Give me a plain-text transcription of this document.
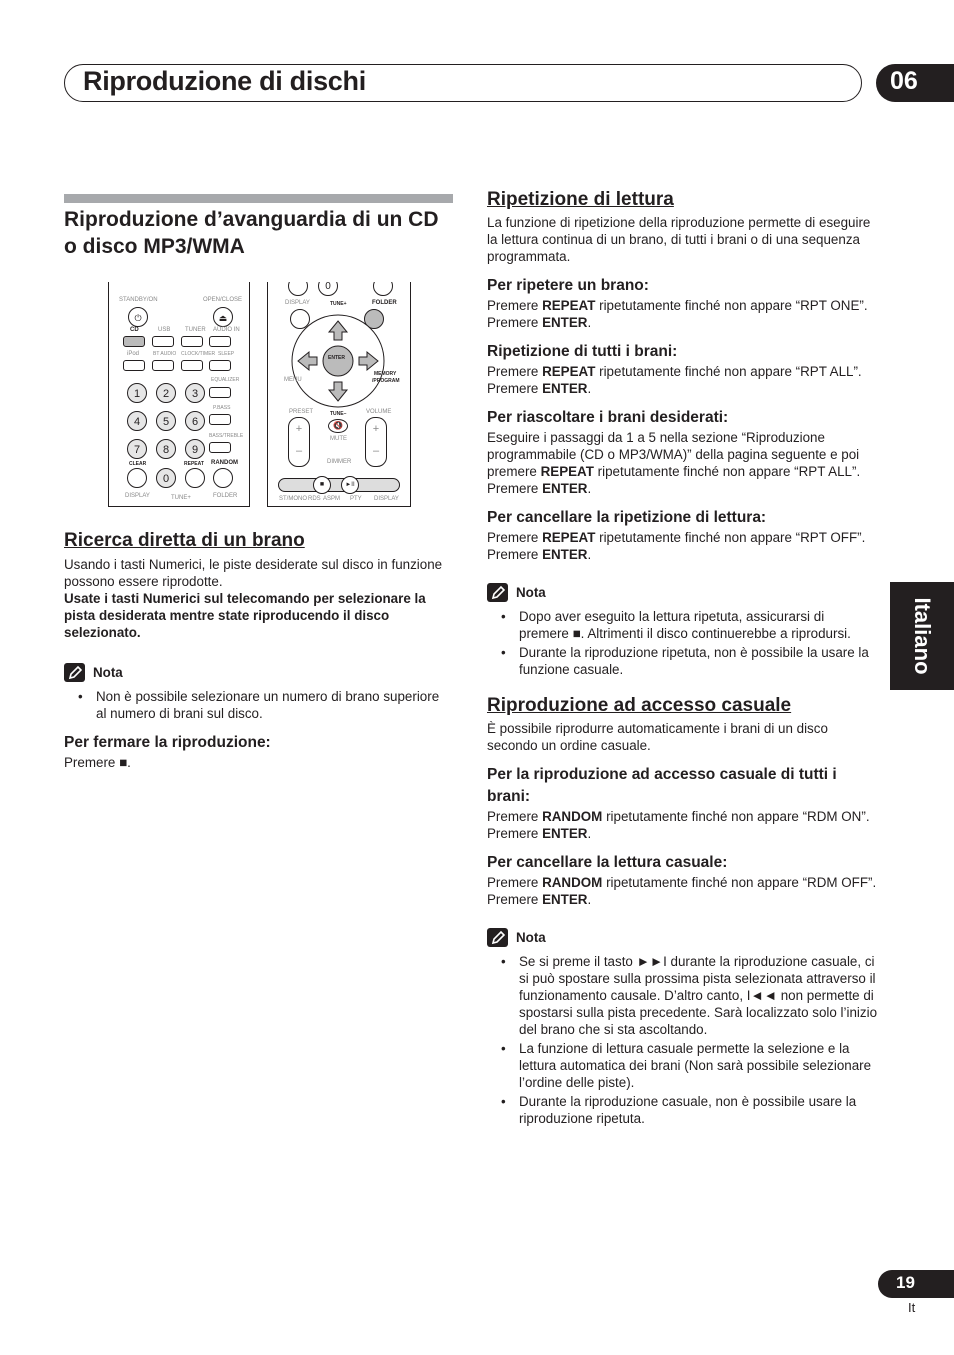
Riproduzione di dischi	06
Italiano
19
It
Riproduzione d’avanguardia di un CD o disco MP3/WMA
STANDBY/ON	OPEN/CLOSE
⏻	⏏
CD	USB TUNER AUDIO IN
iPod	BT AUDIO CLOCK/TIMER SLEEP
EQUALIZER
1	2	3
P.BASS
4	5	6
BASS/TREBLE
7	8	9
CLEAR	REPEAT RANDOM
0
DISPLAY	TUNE+	FOLDER
0
DISPLAY	TUNE+	FOLDER
ENTER
MENU
MEMORY
/PROGRAM
PRESET	TUNE–	VOLUME
+
–
+
–
🔇
MUTE
DIMMER
■	►II
ST/MONO RDS ASPM PTY DISPLAY
Ricerca diretta di un brano

Usando i tasti Numerici, le piste desiderate sul disco in funzione possono essere riprodotte.

Usate i tasti Numerici sul telecomando per selezionare la pista desiderata mentre state riproducendo il disco selezionato.

Nota
• Non è possibile selezionare un numero di brano superiore al numero di brani sul disco.
Per fermare la riproduzione:

Premere ■.

Ripetizione di lettura

La funzione di ripetizione della riproduzione permette di eseguire la lettura continua di un brano, di tutti i brani o di una sequenza programmata.

Per ripetere un brano:

Premere REPEAT ripetutamente finché non appare “RPT ONE”. Premere ENTER.

Ripetizione di tutti i brani:

Premere REPEAT ripetutamente finché non appare “RPT ALL”. Premere ENTER.

Per riascoltare i brani desiderati:

Eseguire i passaggi da 1 a 5 nella sezione “Riproduzione programmabile (CD o MP3/WMA)” della pagina seguente e poi premere REPEAT ripetutamente finché non appare “RPT ALL”. Premere ENTER.

Per cancellare la ripetizione di lettura:

Premere REPEAT ripetutamente finché non appare “RPT OFF”. Premere ENTER.

Nota
• Dopo aver eseguito la lettura ripetuta, assicurarsi di premere ■. Altrimenti il disco continuerebbe a riprodursi.
• Durante la riproduzione ripetuta, non è possibile la usare la funzione casuale.
Riproduzione ad accesso casuale

È possibile riprodurre automaticamente i brani di un disco secondo un ordine casuale.

Per la riproduzione ad accesso casuale di tutti i brani:

Premere RANDOM ripetutamente finché non appare “RDM ON”. Premere ENTER.

Per cancellare la lettura casuale:

Premere RANDOM ripetutamente finché non appare “RDM OFF”. Premere ENTER.

Nota
• Se si preme il tasto ►►I durante la riproduzione casuale, ci si può spostare sulla prossima pista selezionata attraverso il funzionamento causale. D’altro canto, I◄◄ non permette di spostarsi sulla pista precedente. Sarà localizzato solo l’inizio del brano che si sta ascoltando.
• La funzione di lettura casuale permette la selezione e la lettura automatica dei brani (Non sarà possibile selezionare l’ordine delle piste).
• Durante la riproduzione casuale, non è possibile usare la riproduzione ripetuta.
